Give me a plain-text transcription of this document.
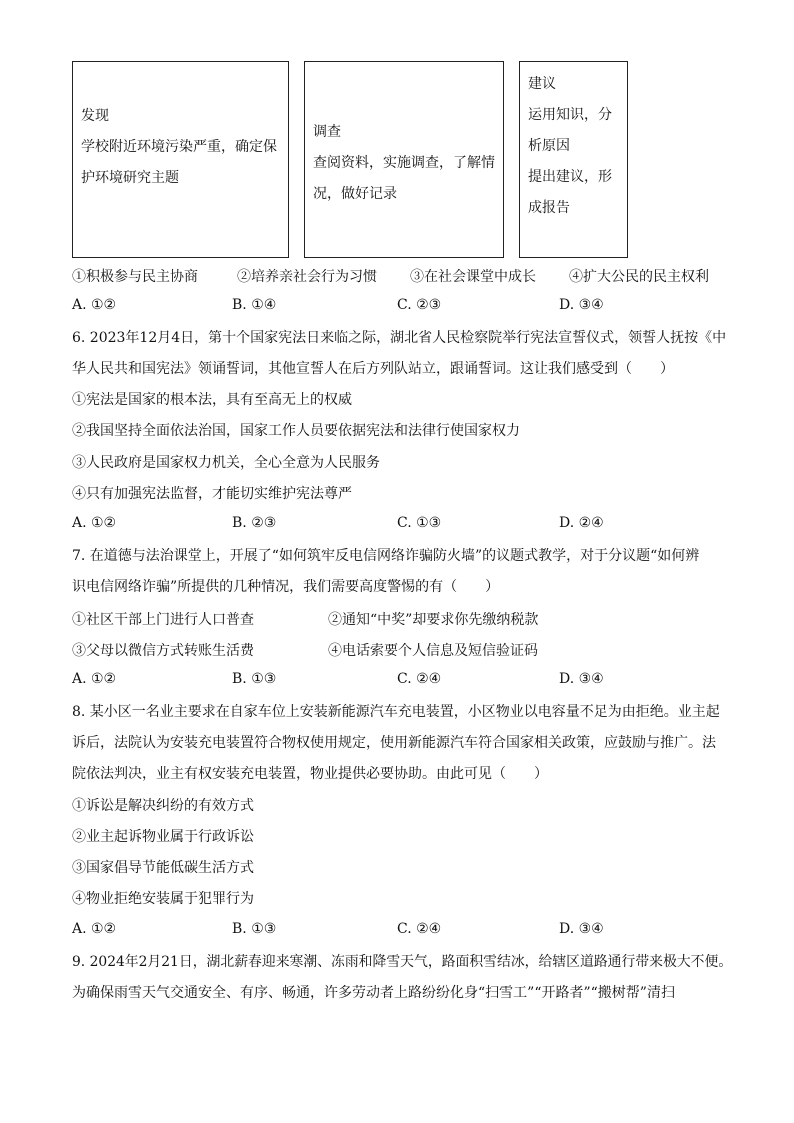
发现

学校附近环境污染严重，确定保

护环境研究主题

调查

查阅资料，实施调查，了解情

况，做好记录

建议

运用知识，分

析原因

提出建议，形

成报告

①积极参与民主协商	②培养亲社会行为习惯 ③在社会课堂中成长 ④扩大公民的民主权利
A. ①②	B. ①④	C. ②③	D. ③④
6. 2023年12月4日，第十个国家宪法日来临之际，湖北省人民检察院举行宪法宣誓仪式，领誓人抚按《中
华人民共和国宪法》领诵誓词，其他宣誓人在后方列队站立，跟诵誓词。这让我们感受到（　　）
①宪法是国家的根本法，具有至高无上的权威
②我国坚持全面依法治国，国家工作人员要依据宪法和法律行使国家权力
③人民政府是国家权力机关，全心全意为人民服务
④只有加强宪法监督，才能切实维护宪法尊严
A. ①②	B. ②③	C. ①③	D. ②④
7. 在道德与法治课堂上，开展了“如何筑牢反电信网络诈骗防火墙”的议题式教学，对于分议题“如何辨
识电信网络诈骗”所提供的几种情况，我们需要高度警惕的有（　　）
①社区干部上门进行人口普查	②通知“中奖”却要求你先缴纳税款
③父母以微信方式转账生活费	④电话索要个人信息及短信验证码
A. ①②	B. ①③	C. ②④	D. ③④
8. 某小区一名业主要求在自家车位上安装新能源汽车充电装置，小区物业以电容量不足为由拒绝。业主起
诉后，法院认为安装充电装置符合物权使用规定，使用新能源汽车符合国家相关政策，应鼓励与推广。法
院依法判决，业主有权安装充电装置，物业提供必要协助。由此可见（　　）
①诉讼是解决纠纷的有效方式
②业主起诉物业属于行政诉讼
③国家倡导节能低碳生活方式
④物业拒绝安装属于犯罪行为
A. ①②	B. ①③	C. ②④	D. ③④
9. 2024年2月21日，湖北薪春迎来寒潮、冻雨和降雪天气，路面积雪结冰，给辖区道路通行带来极大不便。
为确保雨雪天气交通安全、有序、畅通，许多劳动者上路纷纷化身“扫雪工”“开路者”“搬树帮”清扫
